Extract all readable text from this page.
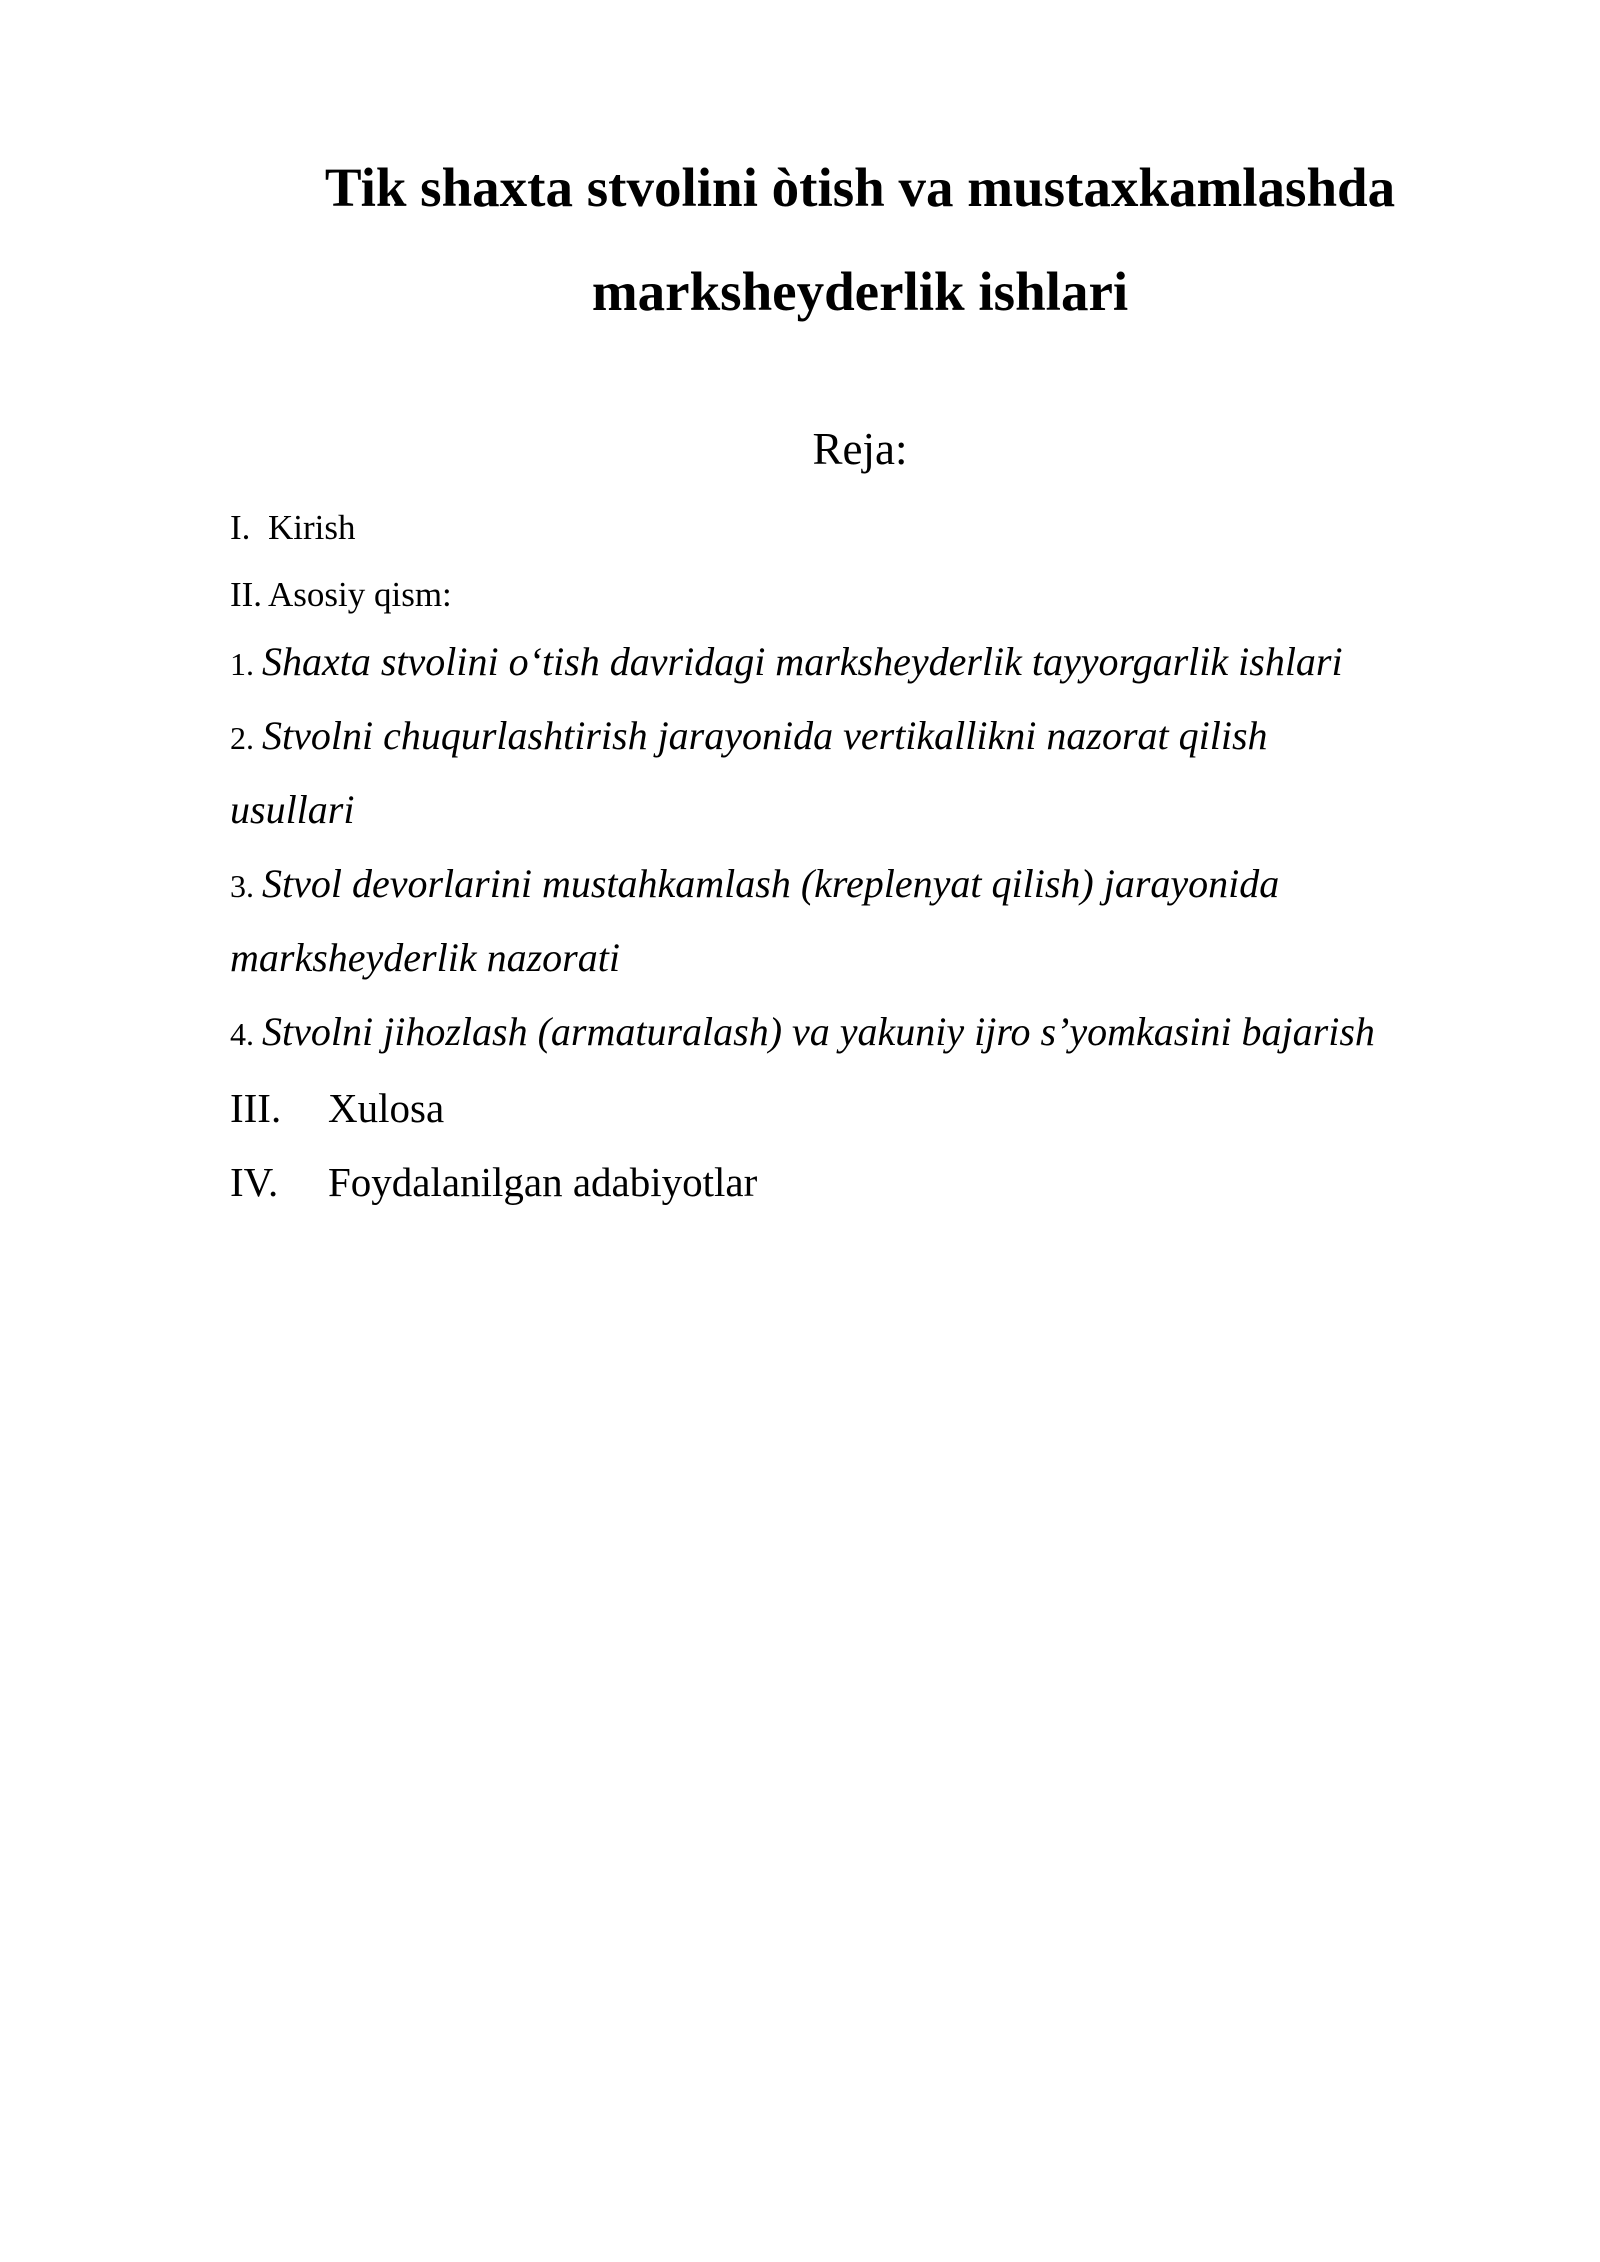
Tik shaxta stvolini òtish va mustaxkamlashda
marksheyderlik ishlari
Reja:
I. Kirish
II. Asosiy qism:
1. Shaxta stvolini o‘tish davridagi marksheyderlik tayyorgarlik ishlari
2. Stvolni chuqurlashtirish jarayonida vertikallikni nazorat qilish
usullari
3. Stvol devorlarini mustahkamlash (kreplenyat qilish) jarayonida
marksheyderlik nazorati
4. Stvolni jihozlash (armaturalash) va yakuniy ijro s’yomkasini bajarish
III. Xulosa
IV. Foydalanilgan adabiyotlar
